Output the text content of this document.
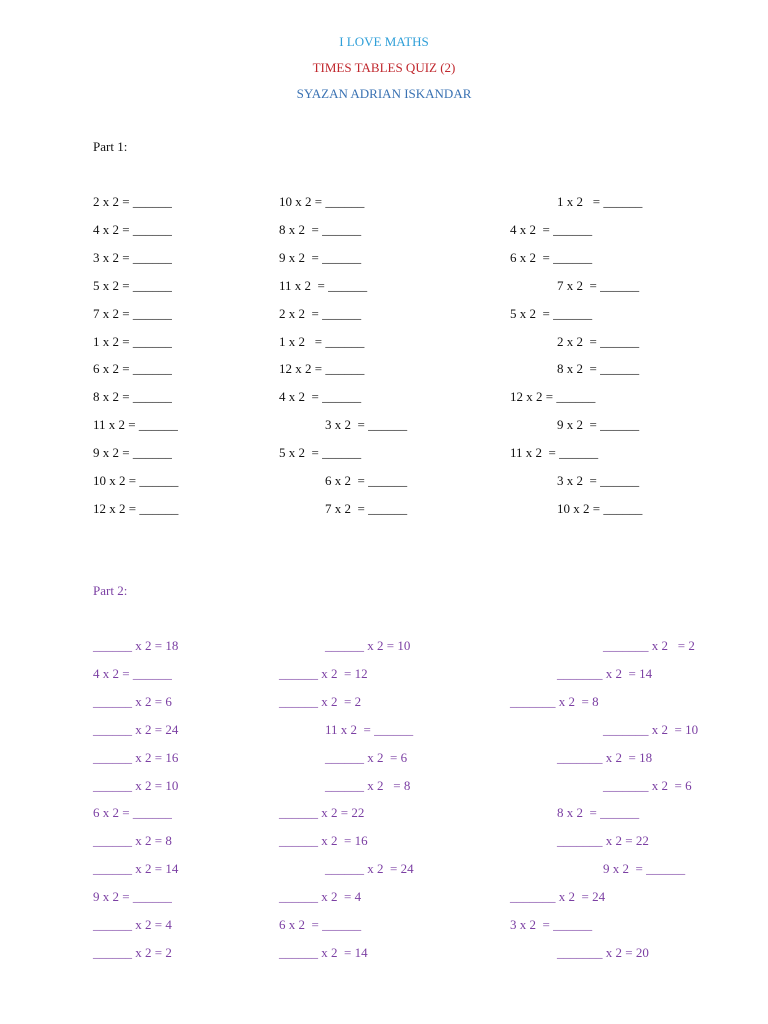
I LOVE MATHS
TIMES TABLES QUIZ (2)
SYAZAN ADRIAN ISKANDAR
Part 1:
Part 2:
2 x 2 = ______
4 x 2 = ______
3 x 2 = ______
5 x 2 = ______
7 x 2 = ______
1 x 2 = ______
6 x 2 = ______
8 x 2 = ______
11 x 2 = ______
9 x 2 = ______
10 x 2 = ______
12 x 2 = ______
10 x 2 = ______
8 x 2  = ______
9 x 2  = ______
11 x 2  = ______
2 x 2  = ______
1 x 2   = ______
12 x 2 = ______
4 x 2  = ______
3 x 2  = ______
5 x 2  = ______
6 x 2  = ______
7 x 2  = ______
1 x 2   = ______
4 x 2  = ______
6 x 2  = ______
7 x 2  = ______
5 x 2  = ______
2 x 2  = ______
8 x 2  = ______
12 x 2 = ______
9 x 2  = ______
11 x 2  = ______
3 x 2  = ______
10 x 2 = ______
______ x 2 = 18
4 x 2 = ______
______ x 2 = 6
______ x 2 = 24
______ x 2 = 16
______ x 2 = 10
6 x 2 = ______
______ x 2 = 8
______ x 2 = 14
9 x 2 = ______
______ x 2 = 4
______ x 2 = 2
______ x 2 = 10
______ x 2  = 12
______ x 2  = 2
11 x 2  = ______
______ x 2  = 6
______ x 2   = 8
______ x 2 = 22
______ x 2  = 16
______ x 2  = 24
______ x 2  = 4
6 x 2  = ______
______ x 2  = 14
_______ x 2   = 2
_______ x 2  = 14
_______ x 2  = 8
_______ x 2  = 10
_______ x 2  = 18
_______ x 2  = 6
8 x 2  = ______
_______ x 2 = 22
9 x 2  = ______
_______ x 2  = 24
3 x 2  = ______
_______ x 2 = 20
